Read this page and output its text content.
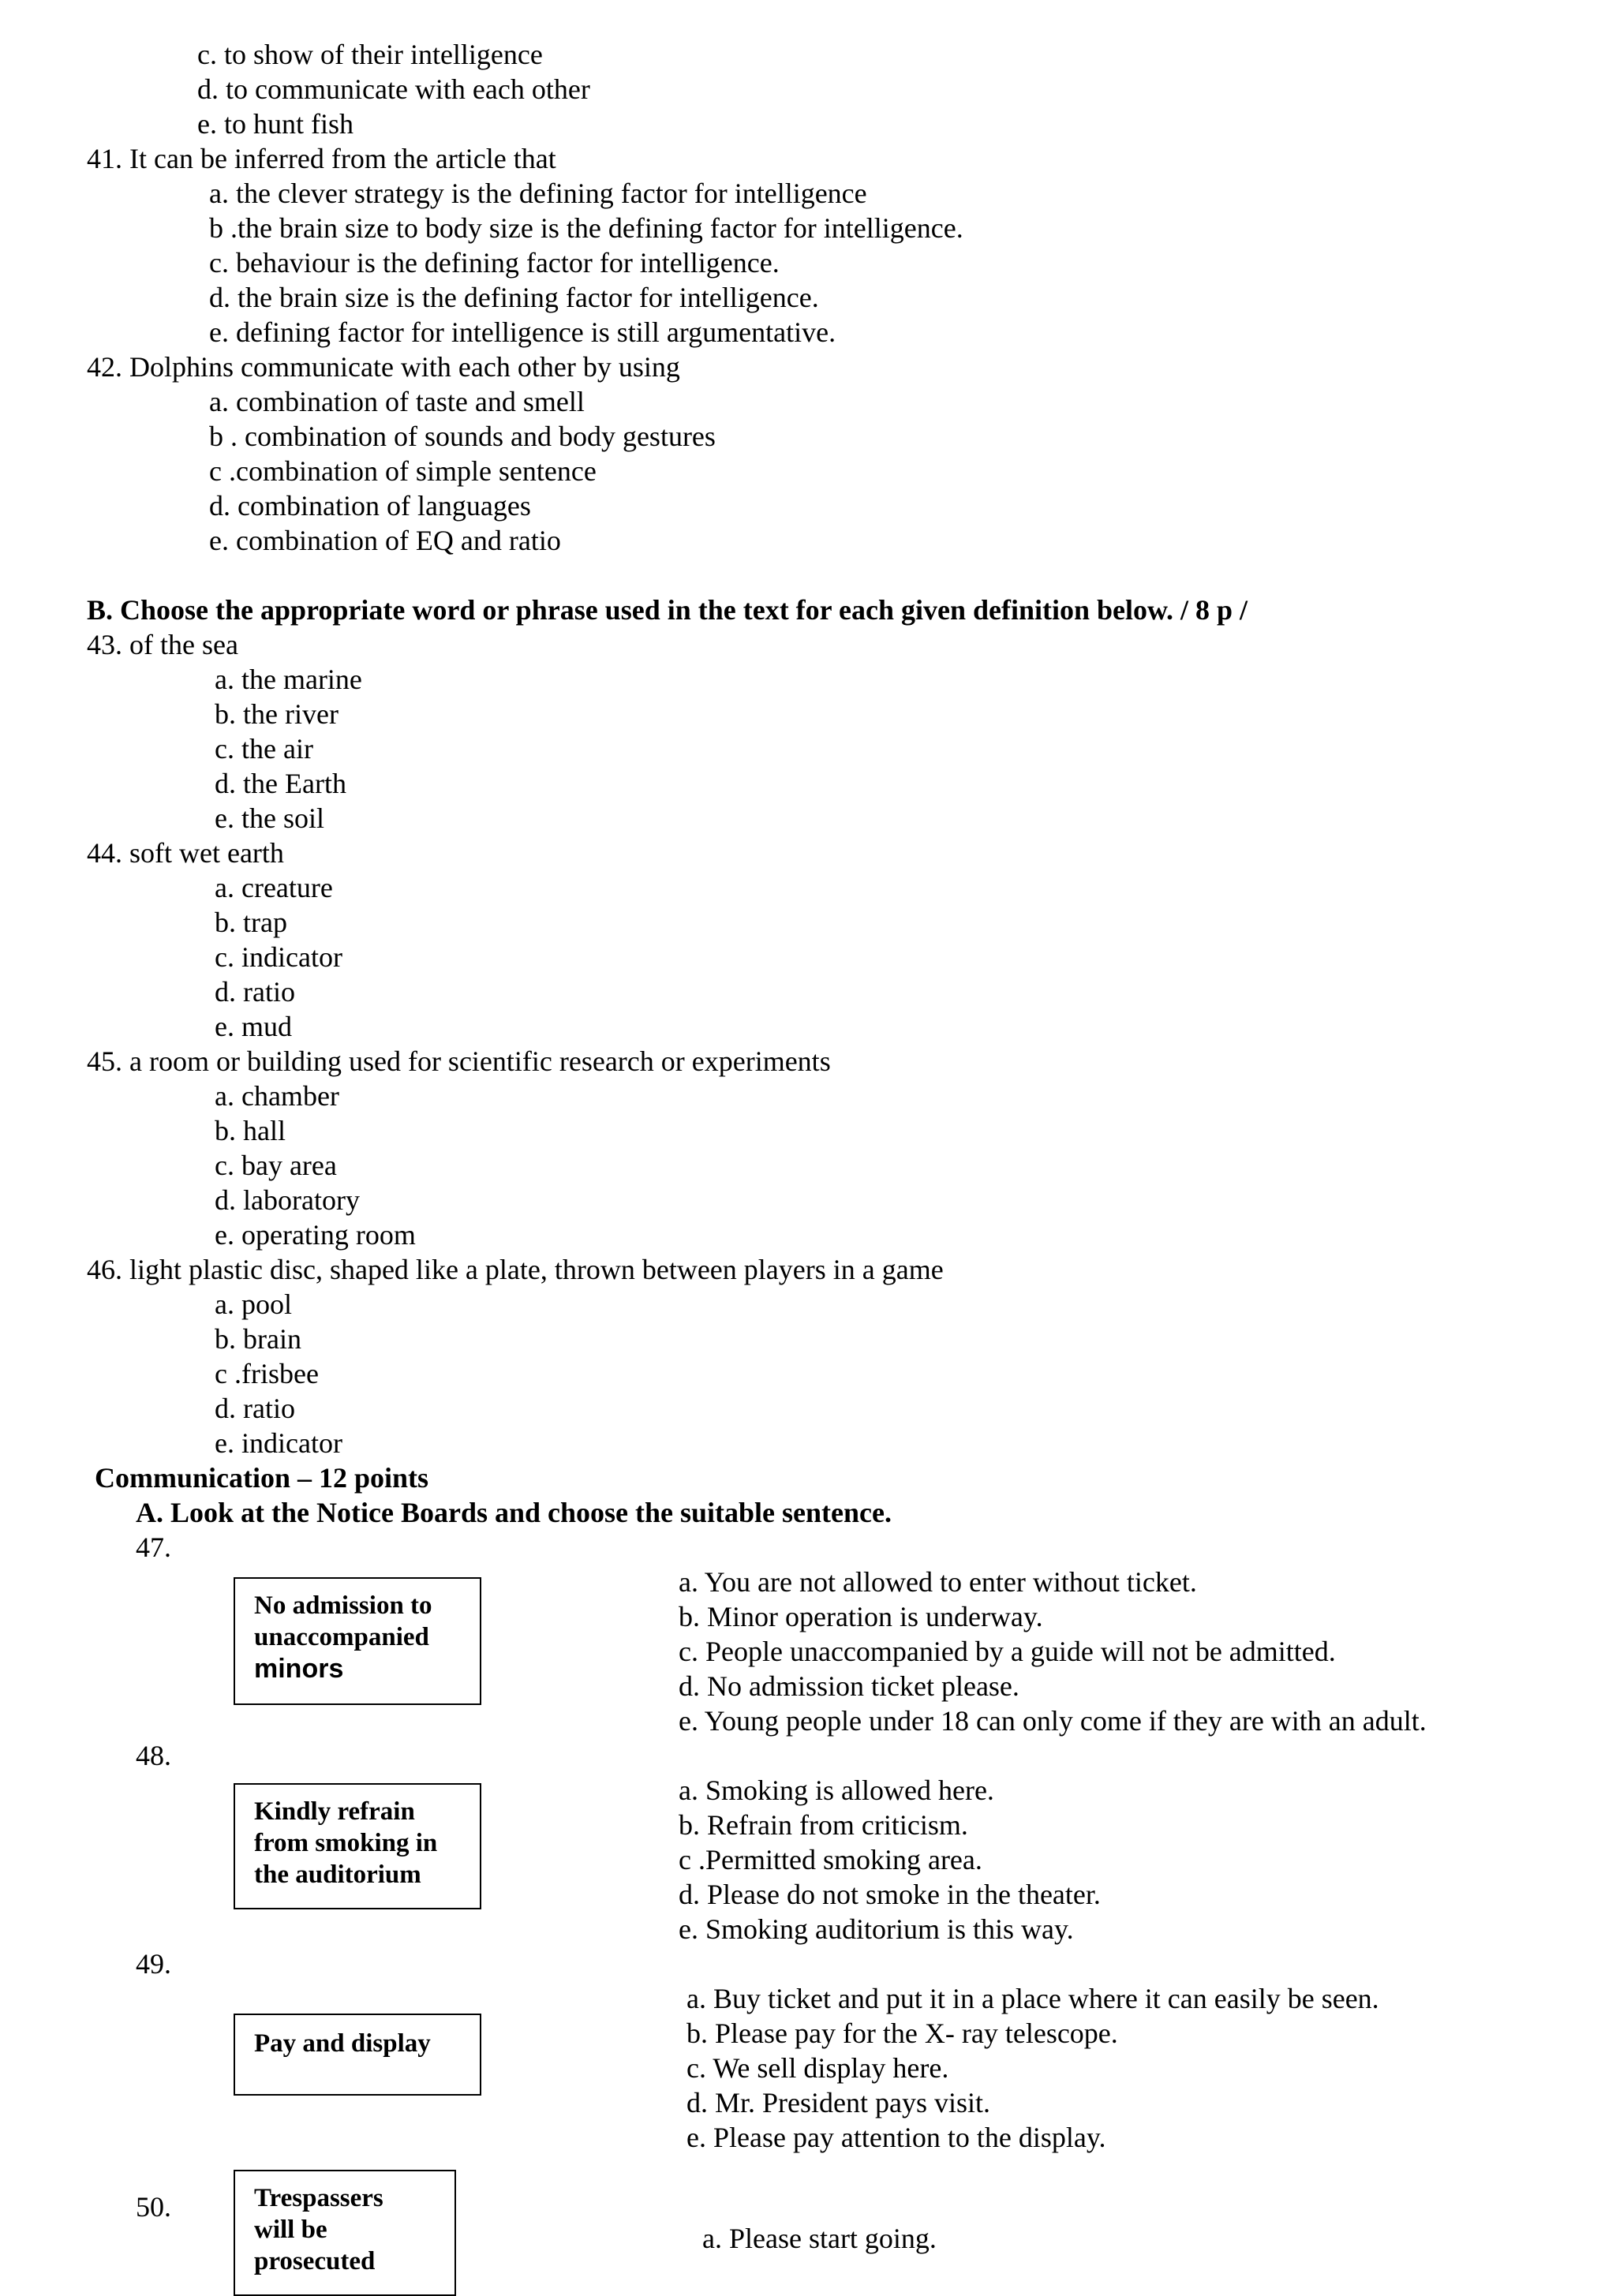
c. to show of their intelligence
d. to communicate with each other
e. to hunt fish
41. It can be inferred from the article that
a. the clever strategy is the defining factor for intelligence
b .the brain size to body size is the defining factor for intelligence.
c. behaviour is the defining factor for intelligence.
d. the brain size is the defining factor for intelligence.
e. defining factor for intelligence is still argumentative.
42. Dolphins communicate with each other by using
a. combination of taste and smell
b . combination of sounds and body gestures
c .combination of simple sentence
d. combination of languages
e. combination of EQ and ratio
B. Choose the appropriate word or phrase used in the text for each given definition below. / 8 p /
43. of the sea
a. the marine
b. the river
c. the air
d. the Earth
e. the soil
44. soft wet earth
a. creature
b. trap
c. indicator
d. ratio
e. mud
45. a room or building used for scientific research or experiments
a. chamber
b. hall
c. bay area
d. laboratory
e. operating room
46. light plastic disc, shaped like a plate, thrown between players in a game
a. pool
b. brain
c .frisbee
d. ratio
e. indicator
Communication – 12 points
A. Look at the Notice Boards and choose the suitable sentence.
47.
No admission to
unaccompanied
minors
a. You are not allowed to enter without ticket.
b. Minor operation is underway.
c. People unaccompanied by a guide will not be admitted.
d. No admission ticket please.
e. Young people under 18 can only come if they are with an adult.
48.
Kindly refrain
from smoking in
the auditorium
a. Smoking is allowed here.
b. Refrain from criticism.
c .Permitted smoking area.
d. Please do not smoke in the theater.
e. Smoking auditorium is this way.
49.
Pay and display
a. Buy ticket and put it in a place where it can easily be seen.
b. Please pay for the X- ray telescope.
c. We sell display here.
d. Mr. President pays visit.
e. Please pay attention to the display.
50.	Trespassers
will be
prosecuted
a. Please start going.
